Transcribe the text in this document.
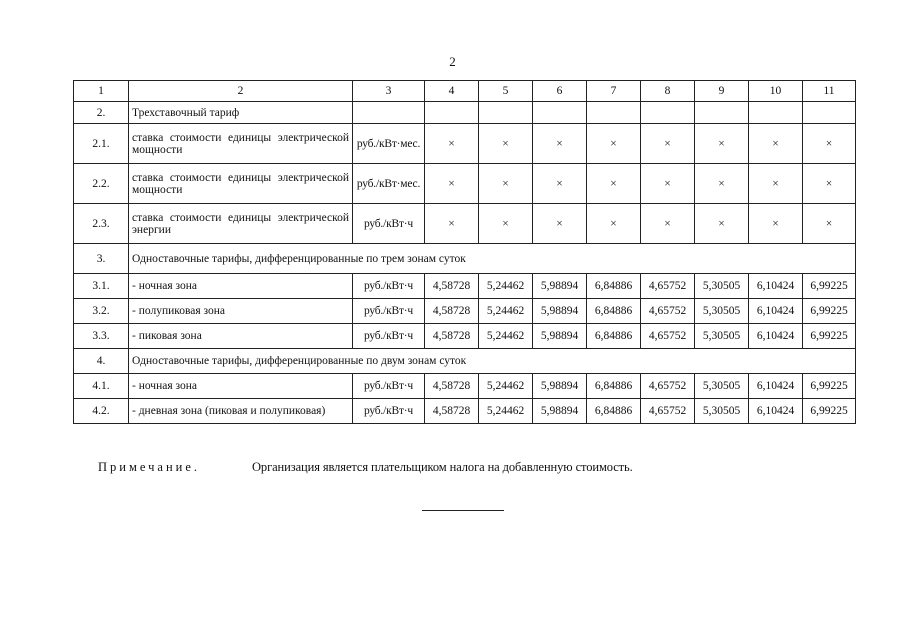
2
1	2	3	4	5	6	7	8	9	10	11
2.	Трехставочный тариф									
2.1.	ставка стоимости единицы электрической мощности	руб./кВт·мес.	×	×	×	×	×	×	×	×
2.2.	ставка стоимости единицы электрической мощности	руб./кВт·мес.	×	×	×	×	×	×	×	×
2.3.	ставка стоимости единицы электрической энергии	руб./кВт·ч	×	×	×	×	×	×	×	×
3.	Одноставочные тарифы, дифференцированные по трем зонам суток									
3.1.	- ночная зона	руб./кВт·ч	4,58728	5,24462	5,98894	6,84886	4,65752	5,30505	6,10424	6,99225
3.2.	- полупиковая зона	руб./кВт·ч	4,58728	5,24462	5,98894	6,84886	4,65752	5,30505	6,10424	6,99225
3.3.	- пиковая зона	руб./кВт·ч	4,58728	5,24462	5,98894	6,84886	4,65752	5,30505	6,10424	6,99225
4.	Одноставочные тарифы, дифференцированные по двум зонам суток									
4.1.	- ночная зона	руб./кВт·ч	4,58728	5,24462	5,98894	6,84886	4,65752	5,30505	6,10424	6,99225
4.2.	- дневная зона (пиковая и полупиковая)	руб./кВт·ч	4,58728	5,24462	5,98894	6,84886	4,65752	5,30505	6,10424	6,99225
Примечание.	Организация является плательщиком налога на добавленную стоимость.
